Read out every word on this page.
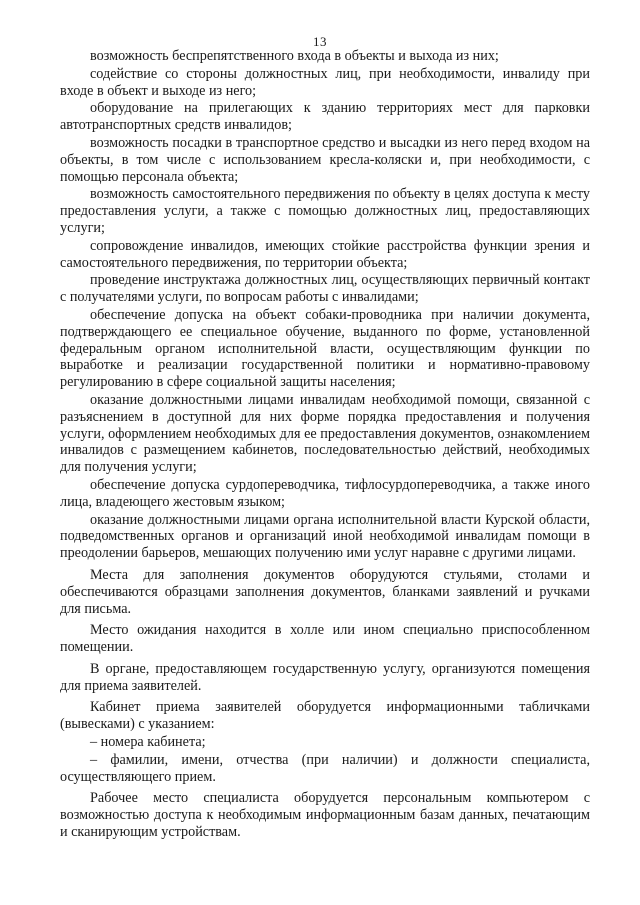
13

возможность беспрепятственного входа в объекты и выхода из них;

содействие со стороны должностных лиц, при необходимости, инвалиду при входе в объект и выходе из него;

оборудование на прилегающих к зданию территориях мест для парковки автотранспортных средств инвалидов;

возможность посадки в транспортное средство и высадки из него перед входом на объекты, в том числе с использованием кресла-коляски и, при необходимости, с помощью персонала объекта;

возможность самостоятельного передвижения по объекту в целях доступа к месту предоставления услуги, а также с помощью должностных лиц, предоставляющих услуги;

сопровождение инвалидов, имеющих стойкие расстройства функции зрения и самостоятельного передвижения, по территории объекта;

проведение инструктажа должностных лиц, осуществляющих первичный контакт с получателями услуги, по вопросам работы с инвалидами;

обеспечение допуска на объект собаки-проводника при наличии документа, подтверждающего ее специальное обучение, выданного по форме, установленной федеральным органом исполнительной власти, осуществляющим функции по выработке и реализации государственной политики и нормативно-правовому регулированию в сфере социальной защиты населения;

оказание должностными лицами инвалидам необходимой помощи, связанной с разъяснением в доступной для них форме порядка предоставления и получения услуги, оформлением необходимых для ее предоставления документов, ознакомлением инвалидов с размещением кабинетов, последовательностью действий, необходимых для получения услуги;

обеспечение допуска сурдопереводчика, тифлосурдопереводчика, а также иного лица, владеющего жестовым языком;

оказание должностными лицами органа исполнительной власти Курской области, подведомственных органов и организаций иной необходимой инвалидам помощи в преодолении барьеров, мешающих получению ими услуг наравне с другими лицами.

Места для заполнения документов оборудуются стульями, столами и обеспечиваются образцами заполнения документов, бланками заявлений и ручками для письма.

Место ожидания находится в холле или ином специально приспособленном помещении.

В органе, предоставляющем государственную услугу, организуются помещения для приема заявителей.

Кабинет приема заявителей оборудуется информационными табличками (вывесками) с указанием:

– номера кабинета;

– фамилии, имени, отчества (при наличии) и должности специалиста, осуществляющего прием.

Рабочее место специалиста оборудуется персональным компьютером с возможностью доступа к необходимым информационным базам данных, печатающим и сканирующим устройствам.
